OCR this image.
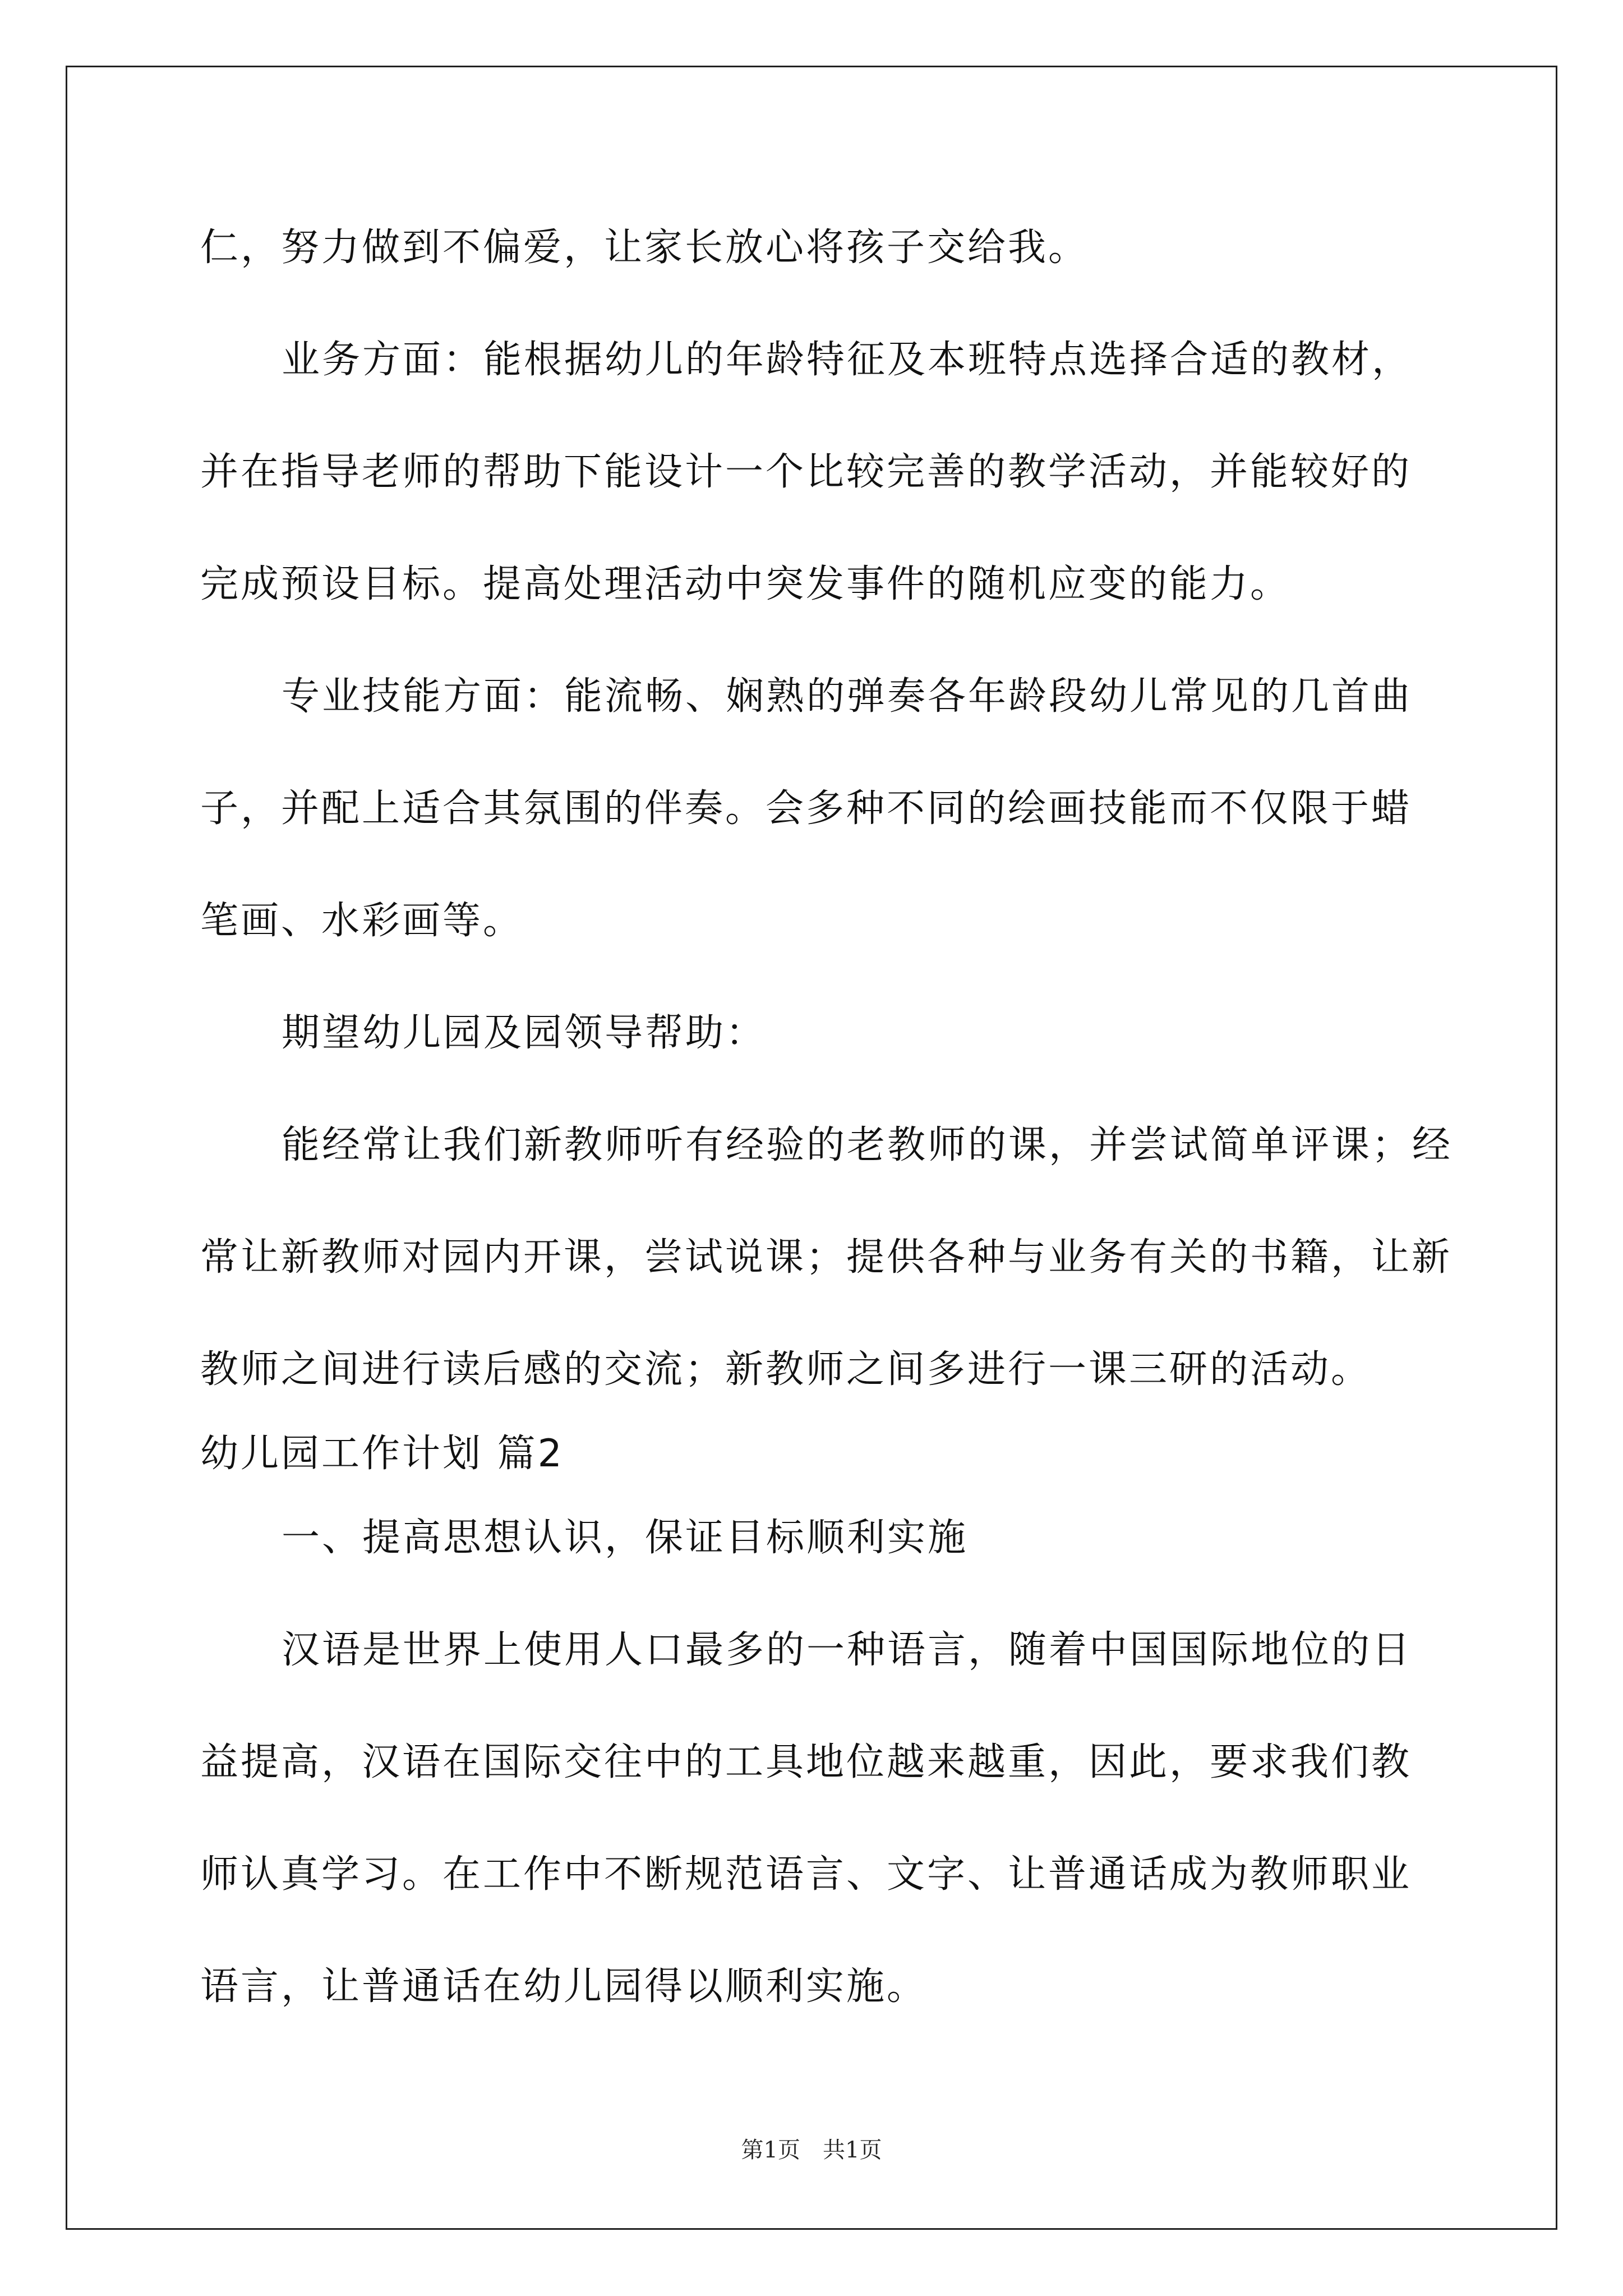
仁，努力做到不偏爱，让家长放心将孩子交给我。
业务方面：能根据幼儿的年龄特征及本班特点选择合适的教材，
并在指导老师的帮助下能设计一个比较完善的教学活动，并能较好的
完成预设目标。提高处理活动中突发事件的随机应变的能力。
专业技能方面：能流畅、娴熟的弹奏各年龄段幼儿常见的几首曲
子，并配上适合其氛围的伴奏。会多种不同的绘画技能而不仅限于蜡
笔画、水彩画等。
期望幼儿园及园领导帮助：
能经常让我们新教师听有经验的老教师的课，并尝试简单评课；经
常让新教师对园内开课，尝试说课；提供各种与业务有关的书籍，让新
教师之间进行读后感的交流；新教师之间多进行一课三研的活动。
幼儿园工作计划 篇2
一、提高思想认识，保证目标顺利实施
汉语是世界上使用人口最多的一种语言，随着中国国际地位的日
益提高，汉语在国际交往中的工具地位越来越重，因此，要求我们教
师认真学习。在工作中不断规范语言、文字、让普通话成为教师职业
语言，让普通话在幼儿园得以顺利实施。
第1页　共1页
